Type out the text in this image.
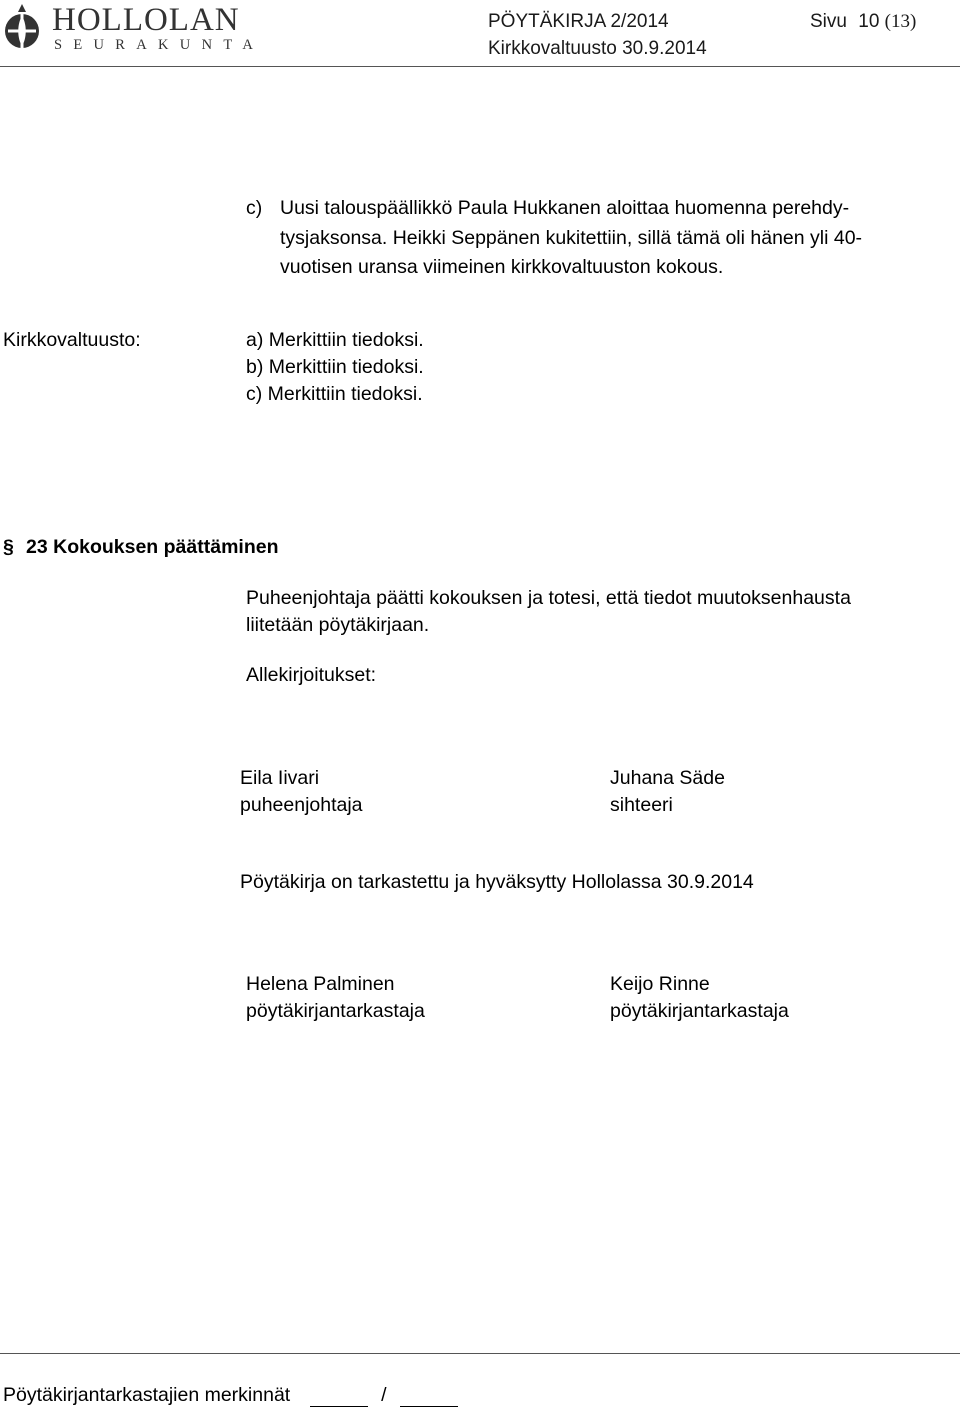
HOLLOLAN
SEURAKUNTA
PÖYTÄKIRJA 2/2014	Sivu 10 (13)
Kirkkovaltuusto 30.9.2014
c) Uusi talouspäällikkö Paula Hukkanen aloittaa huomenna perehdy-
tysjaksonsa. Heikki Seppänen kukitettiin, sillä tämä oli hänen yli 40-
vuotisen uransa viimeinen kirkkovaltuuston kokous.
Kirkkovaltuusto:	a) Merkittiin tiedoksi.
b) Merkittiin tiedoksi.
c) Merkittiin tiedoksi.
§ 23 Kokouksen päättäminen
Puheenjohtaja päätti kokouksen ja totesi, että tiedot muutoksenhausta
liitetään pöytäkirjaan.
Allekirjoitukset:
Eila Iivari
puheenjohtaja
Juhana Säde
sihteeri
Pöytäkirja on tarkastettu ja hyväksytty Hollolassa 30.9.2014
Helena Palminen
pöytäkirjantarkastaja
Keijo Rinne
pöytäkirjantarkastaja
Pöytäkirjantarkastajien merkinnät	/
